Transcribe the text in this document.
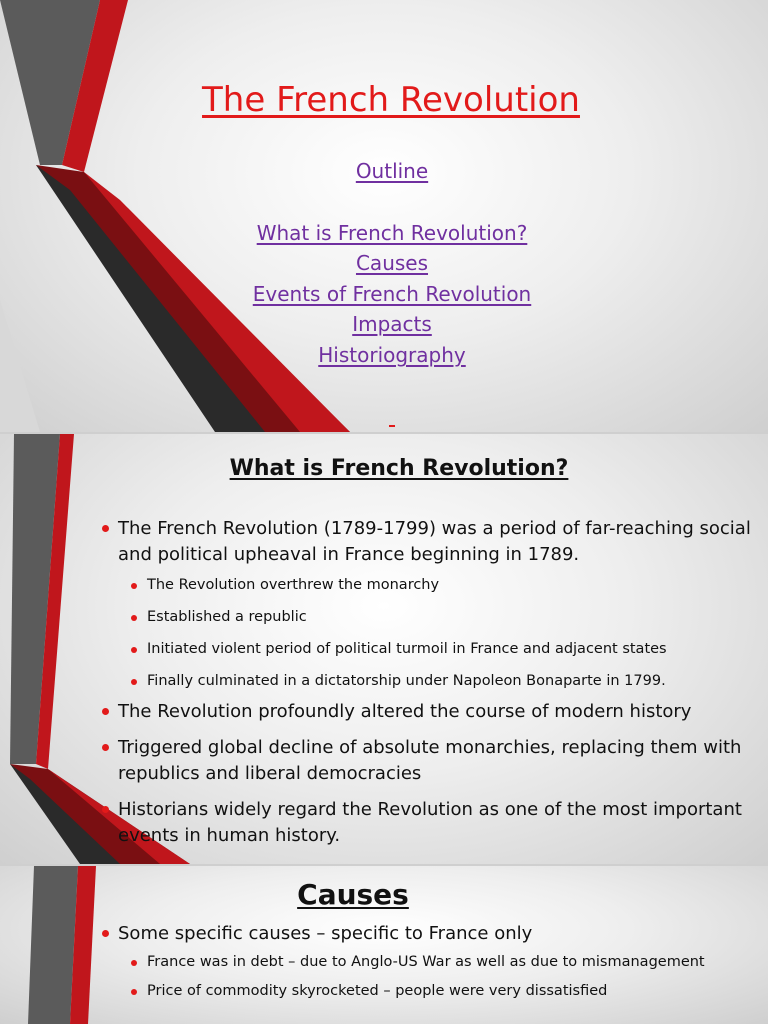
The French Revolution
Outline
What is French Revolution?
Causes
Events of French Revolution
Impacts
Historiography
What is French Revolution?
The French Revolution (1789-1799) was a period of far-reaching social and political upheaval in France beginning in 1789.
The Revolution overthrew the monarchy
Established a republic
Initiated violent period of political turmoil in France and adjacent states
Finally culminated in a dictatorship under Napoleon Bonaparte in 1799.
The Revolution profoundly altered the course of modern history
Triggered global decline of absolute monarchies, replacing them with republics and liberal democracies
Historians widely regard the Revolution as one of the most important events in human history.
Causes
Some specific causes – specific to France only
France was in debt – due to Anglo-US War as well as due to mismanagement
Price of commodity skyrocketed – people were very dissatisfied
